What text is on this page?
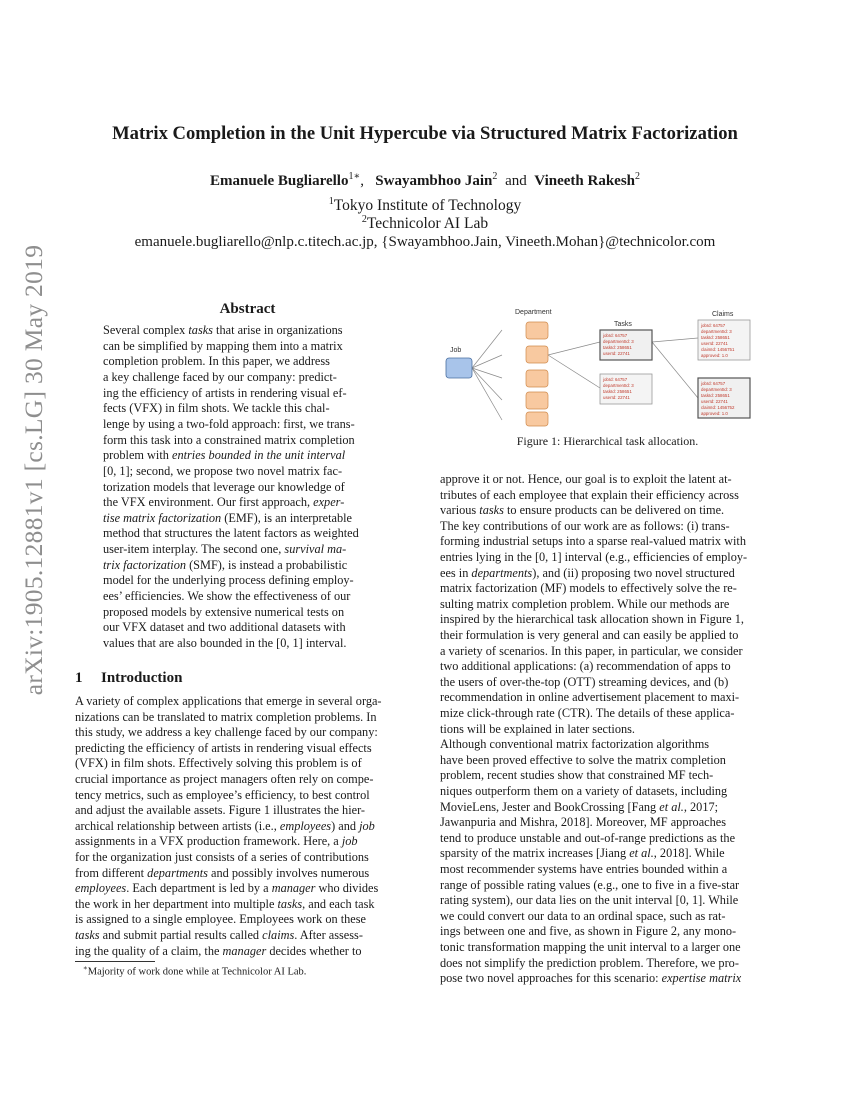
arXiv:1905.12881v1 [cs.LG] 30 May 2019
Matrix Completion in the Unit Hypercube via Structured Matrix Factorization
Emanuele Bugliarello$^{1∗}$,   Swayambhoo Jain$^2$ and Vineeth Rakesh$^2$
$^1$Tokyo Institute of Technology
$^2$Technicolor AI Lab
emanuele.bugliarello@nlp.c.titech.ac.jp, {Swayambhoo.Jain, Vineeth.Mohan}@technicolor.com
Abstract
Several complex tasks that arise in organizations
can be simplified by mapping them into a matrix
completion problem. In this paper, we address
a key challenge faced by our company: predict-
ing the efficiency of artists in rendering visual ef-
fects (VFX) in film shots. We tackle this chal-
lenge by using a two-fold approach: first, we trans-
form this task into a constrained matrix completion
problem with entries bounded in the unit interval
[0, 1]; second, we propose two novel matrix fac-
torization models that leverage our knowledge of
the VFX environment. Our first approach, exper-
tise matrix factorization (EMF), is an interpretable
method that structures the latent factors as weighted
user-item interplay. The second one, survival ma-
trix factorization (SMF), is instead a probabilistic
model for the underlying process defining employ-
ees’ efficiencies. We show the effectiveness of our
proposed models by extensive numerical tests on
our VFX dataset and two additional datasets with
values that are also bounded in the [0, 1] interval.
1 Introduction
A variety of complex applications that emerge in several orga-
nizations can be translated to matrix completion problems. In
this study, we address a key challenge faced by our company:
predicting the efficiency of artists in rendering visual effects
(VFX) in film shots. Effectively solving this problem is of
crucial importance as project managers often rely on compe-
tency metrics, such as employee’s efficiency, to best control
and adjust the available assets. Figure 1 illustrates the hier-
archical relationship between artists (i.e., employees) and job
assignments in a VFX production framework. Here, a job
for the organization just consists of a series of contributions
from different departments and possibly involves numerous
employees. Each department is led by a manager who divides
the work in her department into multiple tasks, and each task
is assigned to a single employee. Employees work on these
tasks and submit partial results called claims. After assess-
ing the quality of a claim, the manager decides whether to
∗Majority of work done while at Technicolor AI Lab.
Job
Department
Tasks
jobId: 64757
departmentId: 3
taskId: 258651
userId: 22741
jobId: 64757
departmentId: 3
taskId: 258651
userId: 22741
Claims
jobId: 64757
departmentId: 3
taskId: 258651
userId: 22741
claimId: 1456751
approved: 1.0
jobId: 64757
departmentId: 3
taskId: 258651
userId: 22741
claimId: 1456752
approved: 1.0
Figure 1: Hierarchical task allocation.
approve it or not. Hence, our goal is to exploit the latent at-
tributes of each employee that explain their efficiency across
various tasks to ensure products can be delivered on time.
The key contributions of our work are as follows: (i) trans-
forming industrial setups into a sparse real-valued matrix with
entries lying in the [0, 1] interval (e.g., efficiencies of employ-
ees in departments), and (ii) proposing two novel structured
matrix factorization (MF) models to effectively solve the re-
sulting matrix completion problem. While our methods are
inspired by the hierarchical task allocation shown in Figure 1,
their formulation is very general and can easily be applied to
a variety of scenarios. In this paper, in particular, we consider
two additional applications: (a) recommendation of apps to
the users of over-the-top (OTT) streaming devices, and (b)
recommendation in online advertisement placement to maxi-
mize click-through rate (CTR). The details of these applica-
tions will be explained in later sections.
Although conventional matrix factorization algorithms
have been proved effective to solve the matrix completion
problem, recent studies show that constrained MF tech-
niques outperform them on a variety of datasets, including
MovieLens, Jester and BookCrossing [Fang et al., 2017;
Jawanpuria and Mishra, 2018]. Moreover, MF approaches
tend to produce unstable and out-of-range predictions as the
sparsity of the matrix increases [Jiang et al., 2018]. While
most recommender systems have entries bounded within a
range of possible rating values (e.g., one to five in a five-star
rating system), our data lies on the unit interval [0, 1]. While
we could convert our data to an ordinal space, such as rat-
ings between one and five, as shown in Figure 2, any mono-
tonic transformation mapping the unit interval to a larger one
does not simplify the prediction problem. Therefore, we pro-
pose two novel approaches for this scenario: expertise matrix
